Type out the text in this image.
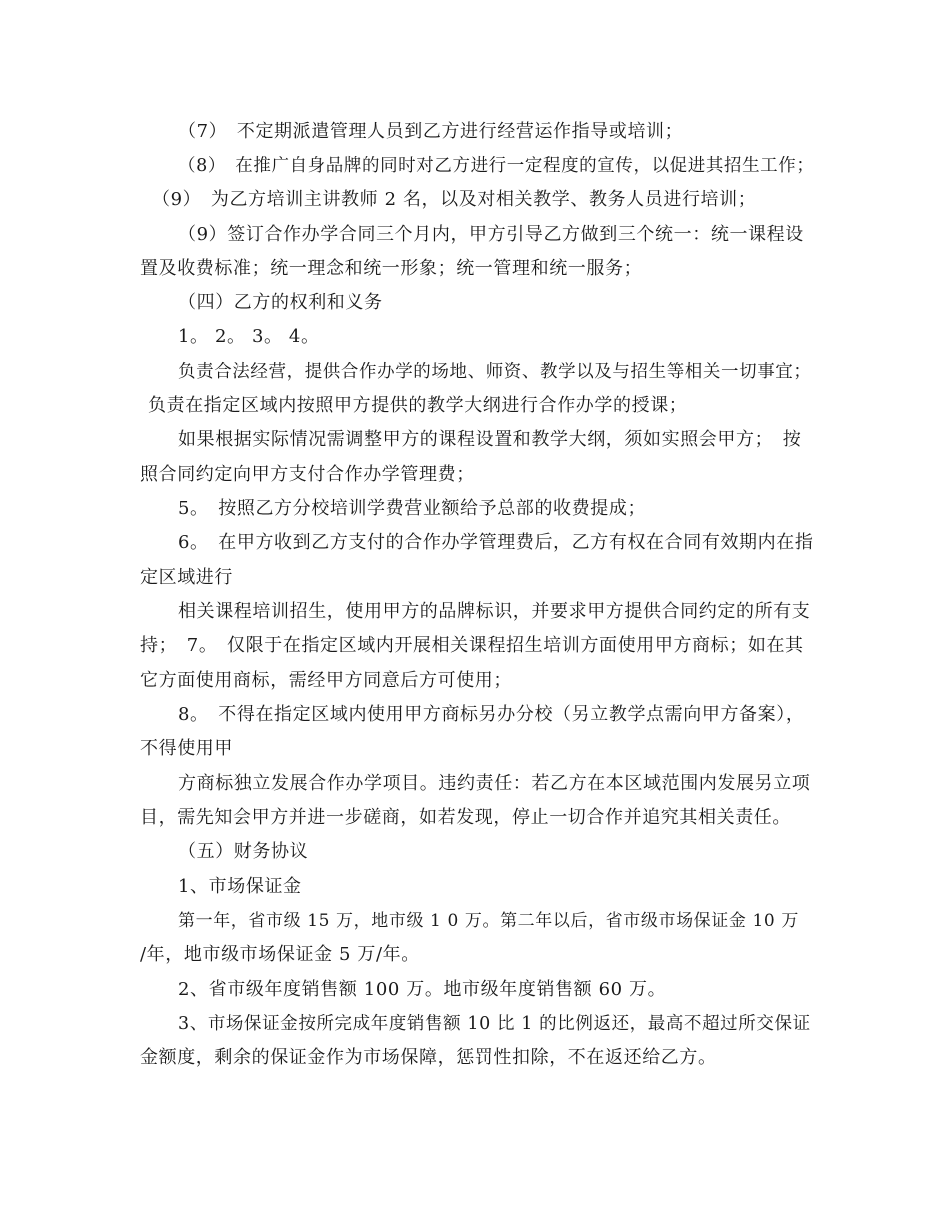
（7）　不定期派遣管理人员到乙方进行经营运作指导或培训；
（8）　在推广自身品牌的同时对乙方进行一定程度的宣传，以促进其招生工作；
（9）　为乙方培训主讲教师 2 名，以及对相关教学、教务人员进行培训；
（9）签订合作办学合同三个月内，甲方引导乙方做到三个统一：统一课程设
置及收费标准；统一理念和统一形象；统一管理和统一服务；
（四）乙方的权利和义务
1。 2。 3。 4。
负责合法经营，提供合作办学的场地、师资、教学以及与招生等相关一切事宜；
负责在指定区域内按照甲方提供的教学大纲进行合作办学的授课；
如果根据实际情况需调整甲方的课程设置和教学大纲，须如实照会甲方；　按
照合同约定向甲方支付合作办学管理费；
5。　按照乙方分校培训学费营业额给予总部的收费提成；
6。　在甲方收到乙方支付的合作办学管理费后，乙方有权在合同有效期内在指
定区域进行
相关课程培训招生，使用甲方的品牌标识，并要求甲方提供合同约定的所有支
持；　7。　仅限于在指定区域内开展相关课程招生培训方面使用甲方商标；如在其
它方面使用商标，需经甲方同意后方可使用；
8。　不得在指定区域内使用甲方商标另办分校（另立教学点需向甲方备案），
不得使用甲
方商标独立发展合作办学项目。违约责任：若乙方在本区域范围内发展另立项
目，需先知会甲方并进一步磋商，如若发现，停止一切合作并追究其相关责任。
（五）财务协议
1、市场保证金
第一年，省市级 15 万，地市级 1 0 万。第二年以后，省市级市场保证金 10 万
/年，地市级市场保证金 5 万/年。
2、省市级年度销售额 100 万。地市级年度销售额 60 万。
3、市场保证金按所完成年度销售额 10 比 1 的比例返还，最高不超过所交保证
金额度，剩余的保证金作为市场保障，惩罚性扣除，不在返还给乙方。
